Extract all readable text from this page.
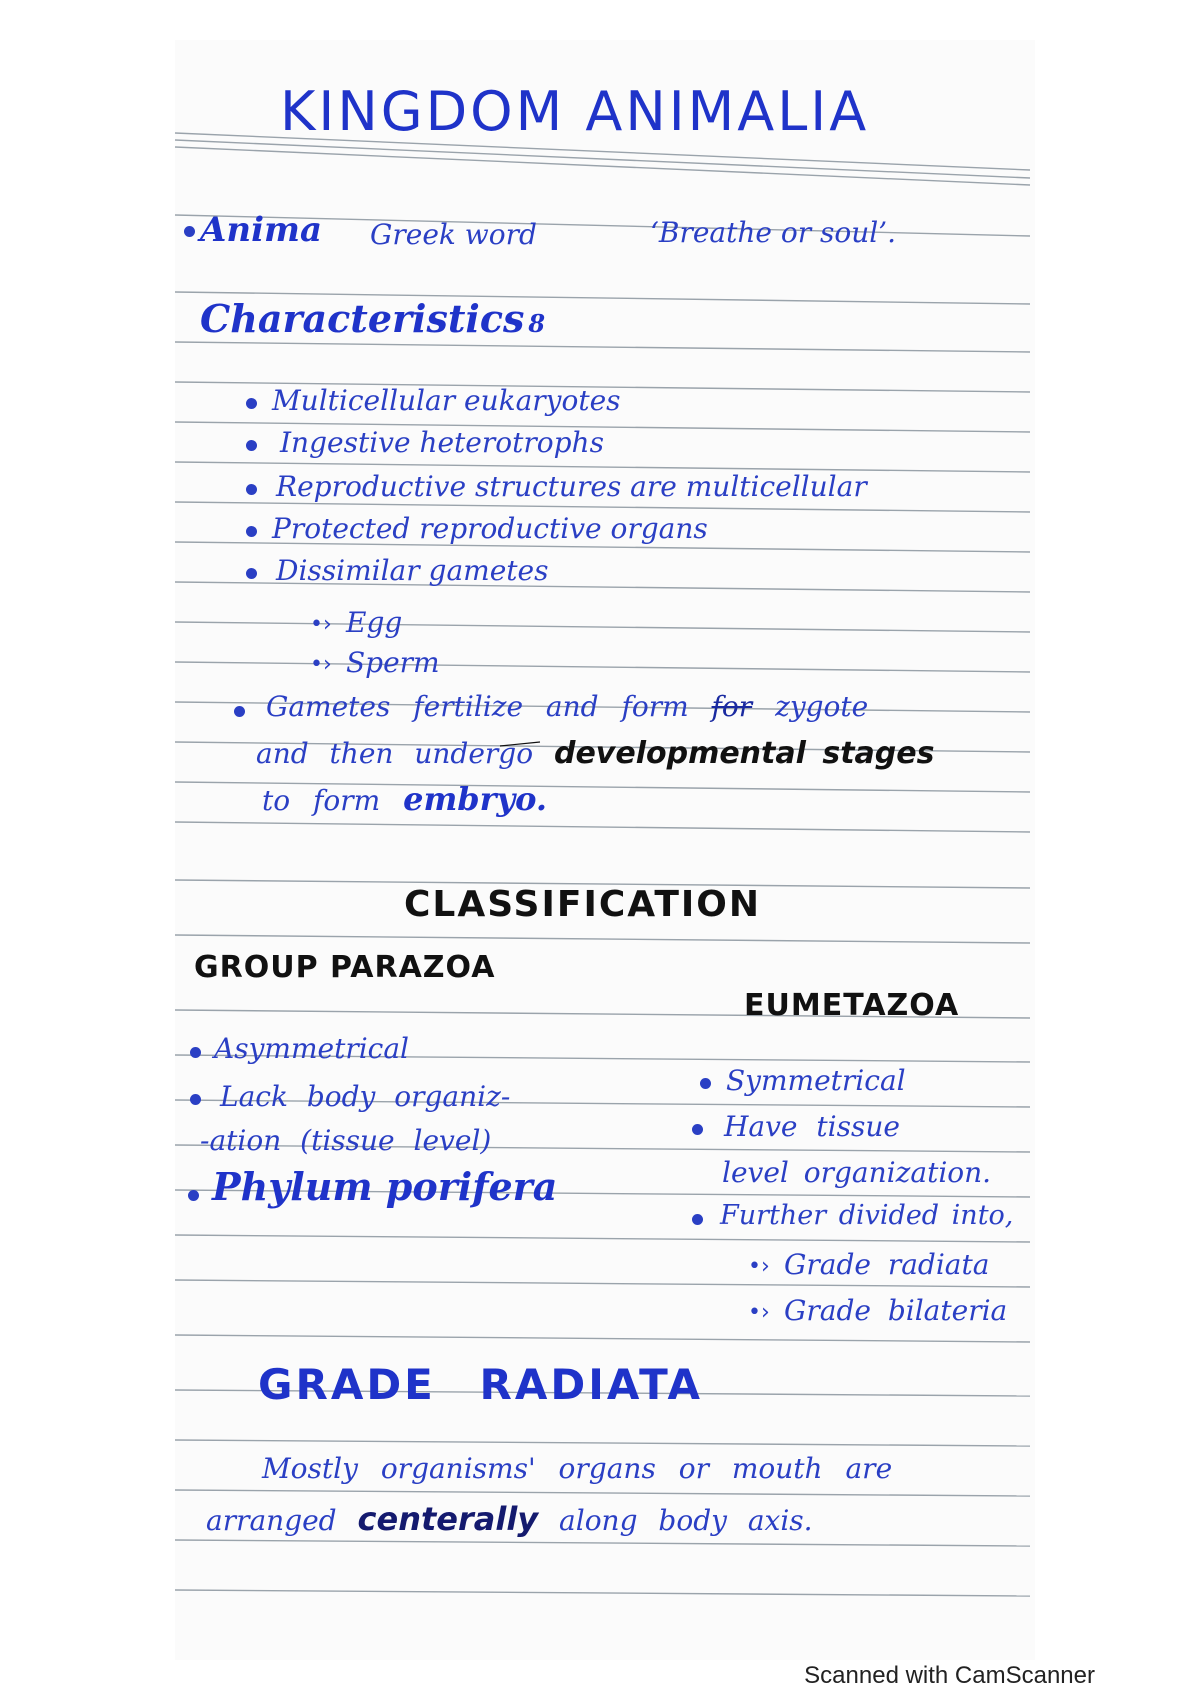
KINGDOM ANIMALIA
Anima Greek word	‘Breathe or soul’.
Characteristics 8
Multicellular eukaryotes
Ingestive heterotrophs
Reproductive structures are multicellular
Protected reproductive organs
Dissimilar gametes
•› Egg
•› Sperm
Gametes fertilize and form for zygote
and then undergo developmental stages
to form embryo.
CLASSIFICATION
GROUP PARAZOA
EUMETAZOA
Asymmetrical
Lack body organiz-
-ation (tissue level)
Phylum porifera
Symmetrical
Have tissue
level organization.
Further divided into,
•› Grade radiata
•› Grade bilateria
GRADE RADIATA
Mostly organisms' organs or mouth are
arranged centerally along body axis.
Scanned with CamScanner
